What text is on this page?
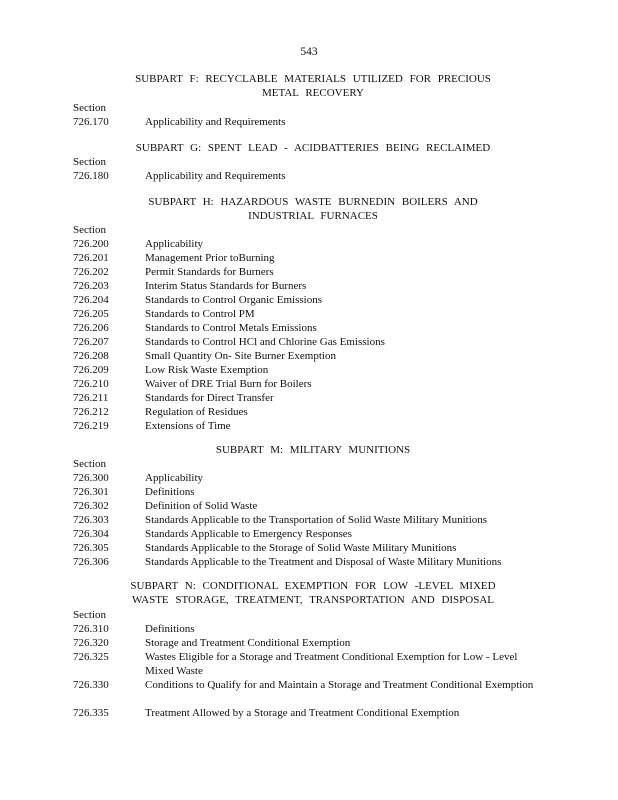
543
SUBPART F: RECYCLABLE MATERIALS UTILIZED FOR PRECIOUS
METAL RECOVERY
Section
726.170	Applicability and Requirements
SUBPART G: SPENT LEAD - ACIDBATTERIES BEING RECLAIMED
Section
726.180	Applicability and Requirements
SUBPART H: HAZARDOUS WASTE BURNEDIN BOILERS AND
INDUSTRIAL FURNACES
Section
726.200	Applicability
726.201	Management Prior toBurning
726.202	Permit Standards for Burners
726.203	Interim Status Standards for Burners
726.204	Standards to Control Organic Emissions
726.205	Standards to Control PM
726.206	Standards to Control Metals Emissions
726.207	Standards to Control HCl and Chlorine Gas Emissions
726.208	Small Quantity On- Site Burner Exemption
726.209	Low Risk Waste Exemption
726.210	Waiver of DRE Trial Burn for Boilers
726.211	Standards for Direct Transfer
726.212	Regulation of Residues
726.219	Extensions of Time
SUBPART M: MILITARY MUNITIONS
Section
726.300	Applicability
726.301	Definitions
726.302	Definition of Solid Waste
726.303	Standards Applicable to the Transportation of Solid Waste Military Munitions
726.304	Standards Applicable to Emergency Responses
726.305	Standards Applicable to the Storage of Solid Waste Military Munitions
726.306	Standards Applicable to the Treatment and Disposal of Waste Military Munitions
SUBPART N: CONDITIONAL EXEMPTION FOR LOW -LEVEL MIXED
WASTE STORAGE, TREATMENT, TRANSPORTATION AND DISPOSAL
Section
726.310	Definitions
726.320	Storage and Treatment Conditional Exemption
726.325	Wastes Eligible for a Storage and Treatment Conditional Exemption for Low - Level Mixed Waste
726.330	Conditions to Qualify for and Maintain a Storage and Treatment Conditional Exemption
726.335	Treatment Allowed by a Storage and Treatment Conditional Exemption
